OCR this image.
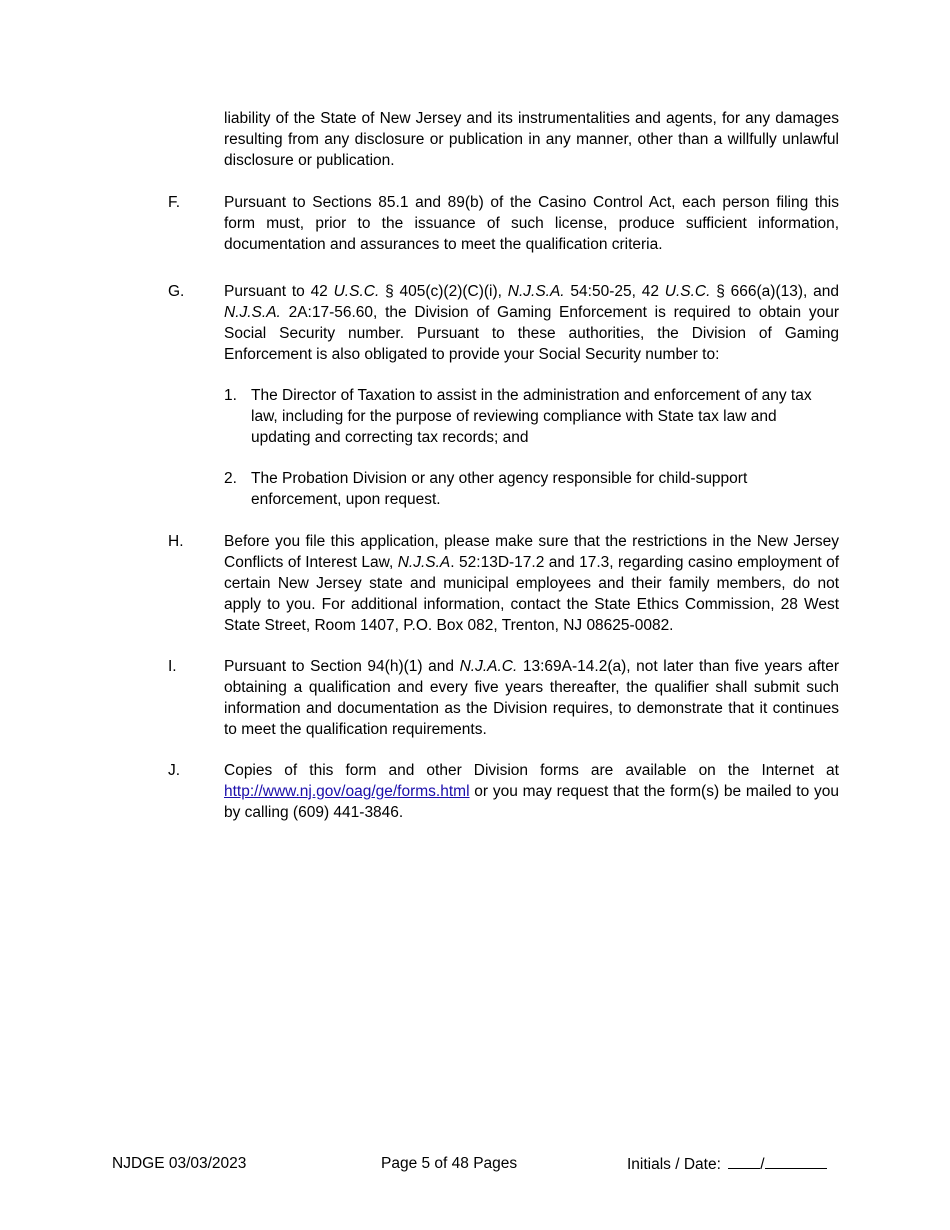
liability of the State of New Jersey and its instrumentalities and agents, for any damages resulting from any disclosure or publication in any manner, other than a willfully unlawful disclosure or publication.

F.	Pursuant to Sections 85.1 and 89(b) of the Casino Control Act, each person filing this form must, prior to the issuance of such license, produce sufficient information, documentation and assurances to meet the qualification criteria.
G.	Pursuant to 42 U.S.C. § 405(c)(2)(C)(i), N.J.S.A. 54:50-25, 42 U.S.C. § 666(a)(13), and N.J.S.A. 2A:17-56.60, the Division of Gaming Enforcement is required to obtain your Social Security number. Pursuant to these authorities, the Division of Gaming Enforcement is also obligated to provide your Social Security number to:
1. The Director of Taxation to assist in the administration and enforcement of any tax law, including for the purpose of reviewing compliance with State tax law and updating and correcting tax records; and
2. The Probation Division or any other agency responsible for child-support enforcement, upon request.
H.	Before you file this application, please make sure that the restrictions in the New Jersey Conflicts of Interest Law, N.J.S.A. 52:13D-17.2 and 17.3, regarding casino employment of certain New Jersey state and municipal employees and their family members, do not apply to you. For additional information, contact the State Ethics Commission, 28 West State Street, Room 1407, P.O. Box 082, Trenton, NJ 08625-0082.
I.	Pursuant to Section 94(h)(1) and N.J.A.C. 13:69A-14.2(a), not later than five years after obtaining a qualification and every five years thereafter, the qualifier shall submit such information and documentation as the Division requires, to demonstrate that it continues to meet the qualification requirements.
J.	Copies of this form and other Division forms are available on the Internet at http://www.nj.gov/oag/ge/forms.html or you may request that the form(s) be mailed to you by calling (609) 441-3846.
NJDGE 03/03/2023	Page 5 of 48 Pages	Initials / Date:	/
